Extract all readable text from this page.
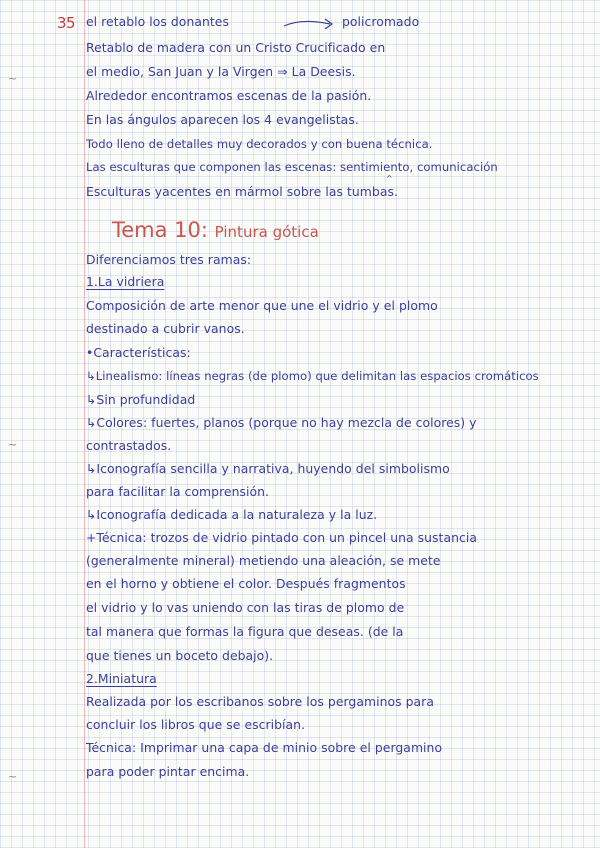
~
~
~
35 el retablo los donantes	policromado
Retablo de madera con un Cristo Crucificado en
el medio, San Juan y la Virgen ⇒ La Deesis.
Alrededor encontramos escenas de la pasión.
En las ángulos aparecen los 4 evangelistas.
Todo lleno de detalles muy decorados y con buena técnica.
^
Las esculturas que componen las escenas: sentimiento, comunicación
Esculturas yacentes en mármol sobre las tumbas.
Tema 10: Pintura gótica
Diferenciamos tres ramas:
1.La vidriera
Composición de arte menor que une el vidrio y el plomo
destinado a cubrir vanos.
•Características:
↳Linealismo: líneas negras (de plomo) que delimitan las espacios cromáticos
↳Sin profundidad
↳Colores: fuertes, planos (porque no hay mezcla de colores) y
contrastados.
↳Iconografía sencilla y narrativa, huyendo del simbolismo
para facilitar la comprensión.
↳Iconografía dedicada a la naturaleza y la luz.
+Técnica: trozos de vidrio pintado con un pincel una sustancia
(generalmente mineral) metiendo una aleación, se mete
en el horno y obtiene el color. Después fragmentos
el vidrio y lo vas uniendo con las tiras de plomo de
tal manera que formas la figura que deseas. (de la
que tienes un boceto debajo).
2.Miniatura
Realizada por los escribanos sobre los pergaminos para
concluir los libros que se escribían.
Técnica: Imprimar una capa de minio sobre el pergamino
para poder pintar encima.
